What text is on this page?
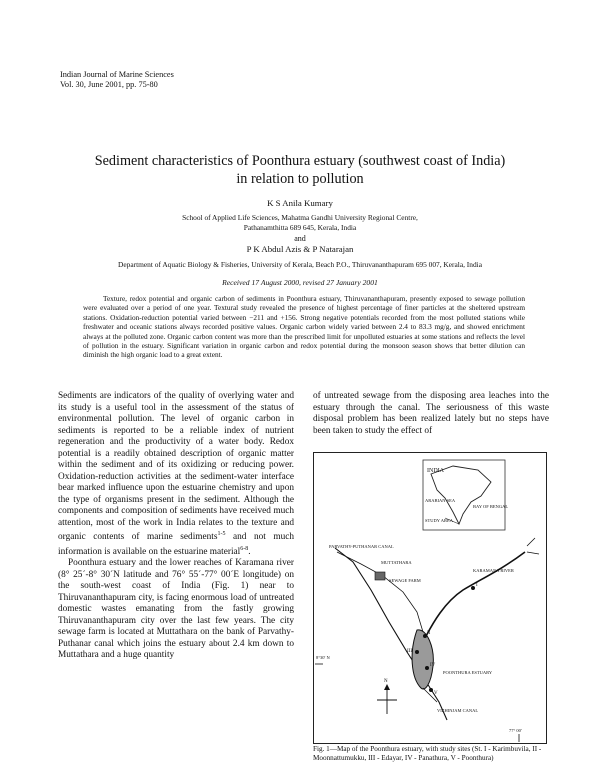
Indian Journal of Marine Sciences
Vol. 30, June 2001, pp. 75-80
Sediment characteristics of Poonthura estuary (southwest coast of India)
in relation to pollution
K S Anila Kumary
School of Applied Life Sciences, Mahatma Gandhi University Regional Centre,
Pathanamthitta 689 645, Kerala, India
and
P K Abdul Azis & P Natarajan
Department of Aquatic Biology & Fisheries, University of Kerala, Beach P.O., Thiruvananthapuram 695 007, Kerala, India
Received 17 August 2000, revised 27 January 2001
Texture, redox potential and organic carbon of sediments in Poonthura estuary, Thiruvananthapuram, presently exposed to sewage pollution were evaluated over a period of one year. Textural study revealed the presence of highest percentage of finer particles at the sheltered upstream stations. Oxidation-reduction potential varied between −211 and +156. Strong negative potentials recorded from the most polluted stations while freshwater and oceanic stations always recorded positive values. Organic carbon widely varied between 2.4 to 83.3 mg/g, and showed enrichment always at the polluted zone. Organic carbon content was more than the prescribed limit for unpolluted estuaries at some stations and reflects the level of pollution in the estuary. Significant variation in organic carbon and redox potential during the monsoon season shows that better dilution can diminish the high organic load to a great extent.

Sediments are indicators of the quality of overlying water and its study is a useful tool in the assessment of the status of environmental pollution. The level of organic carbon in sediments is reported to be a reliable index of nutrient regeneration and the productivity of a water body. Redox potential is a readily obtained description of organic matter within the sediment and of its oxidizing or reducing power. Oxidation-reduction activities at the sediment-water interface bear marked influence upon the estuarine chemistry and upon the type of organisms present in the sediment. Although the components and composition of sediments have received much attention, most of the work in India relates to the texture and organic contents of marine sediments$^{1-5}$ and not much information is available on the estuarine material$^{6-8}$.

Poonthura estuary and the lower reaches of Karamana river (8° 25´-8° 30´N latitude and 76° 55´-77° 00´E longitude) on the south-west coast of India (Fig. 1) near to Thiruvananthapuram city, is facing enormous load of untreated domestic wastes emanating from the fastly growing Thiruvananthapuram city over the last few years. The city sewage farm is located at Muttathara on the bank of Parvathy-Puthanar canal which joins the estuary about 2.4 km down to Muttathara and a huge quantity

of untreated sewage from the disposing area leaches into the estuary through the canal. The seriousness of this waste disposal problem has been realized lately but no steps have been taken to study the effect of
INDIA
ARABIAN SEA
STUDY AREA
BAY OF BENGAL
I
II
III
IV
V
PARVATHY-PUTHANAR CANAL
MUTTATHARA
SEWAGE FARM
KARAMANA RIVER
POONTHURA ESTUARY
VIZHINJAM CANAL
N
8°30' N
77° 00'
Fig. 1—Map of the Poonthura estuary, with study sites (St. I - Karimbuvila, II - Moonnattumukku, III - Edayar, IV - Panathura, V - Poonthura)
